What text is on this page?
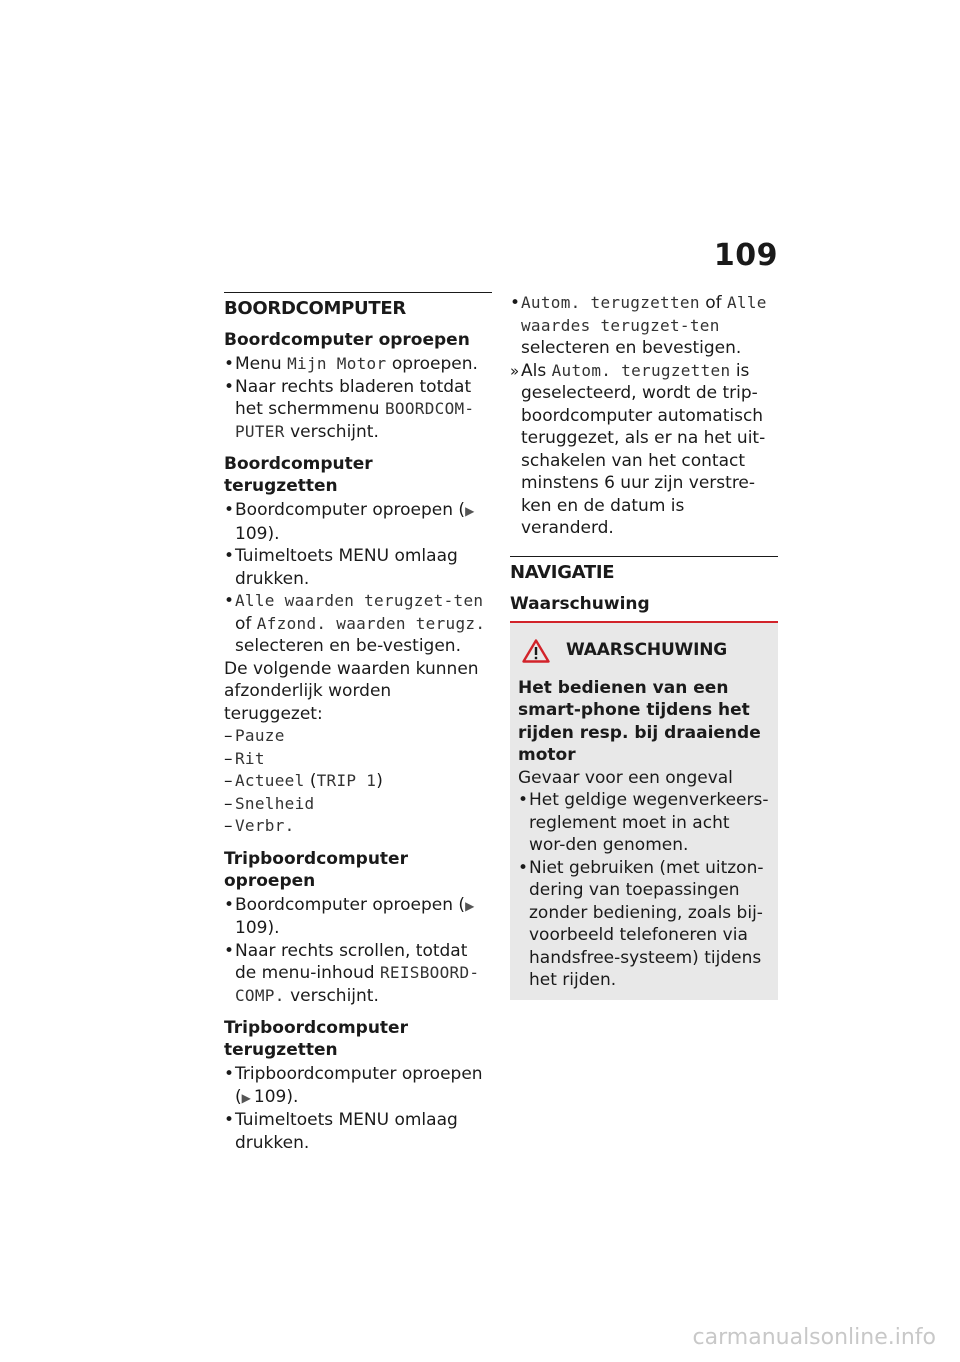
109
BOORDCOMPUTER
Boordcomputer oproepen

• Menu Mijn Motor oproepen.

• Naar rechts bladeren totdat het schermmenu BOORDCOM-PUTER verschijnt.

Boordcomputer terugzetten

• Boordcomputer oproepen (▶109).

• Tuimeltoets MENU omlaag drukken.

• Alle waarden terugzet-ten of Afzond. waarden terugz. selecteren en be-vestigen.

De volgende waarden kunnen afzonderlijk worden teruggezet:

– Pauze

– Rit

– Actueel (TRIP 1)

– Snelheid

– Verbr.

Tripboordcomputer oproepen

• Boordcomputer oproepen (▶109).

• Naar rechts scrollen, totdat de menu-inhoud REISBOORD-COMP. verschijnt.

Tripboordcomputer terugzetten

• Tripboordcomputer oproepen (▶ 109).

• Tuimeltoets MENU omlaag drukken.

• Autom. terugzetten of Alle waardes terugzet-ten selecteren en bevestigen.

» Als Autom. terugzetten is geselecteerd, wordt de trip-boordcomputer automatisch teruggezet, als er na het uit-schakelen van het contact minstens 6 uur zijn verstre-ken en de datum is veranderd.

NAVIGATIE
Waarschuwing
WAARSCHUWING

Het bedienen van een smart-phone tijdens het rijden resp. bij draaiende motor

Gevaar voor een ongeval

• Het geldige wegenverkeers-reglement moet in acht wor-den genomen.

• Niet gebruiken (met uitzon-dering van toepassingen zonder bediening, zoals bij-voorbeeld telefoneren via handsfree-systeem) tijdens het rijden.

carmanualsonline.info
